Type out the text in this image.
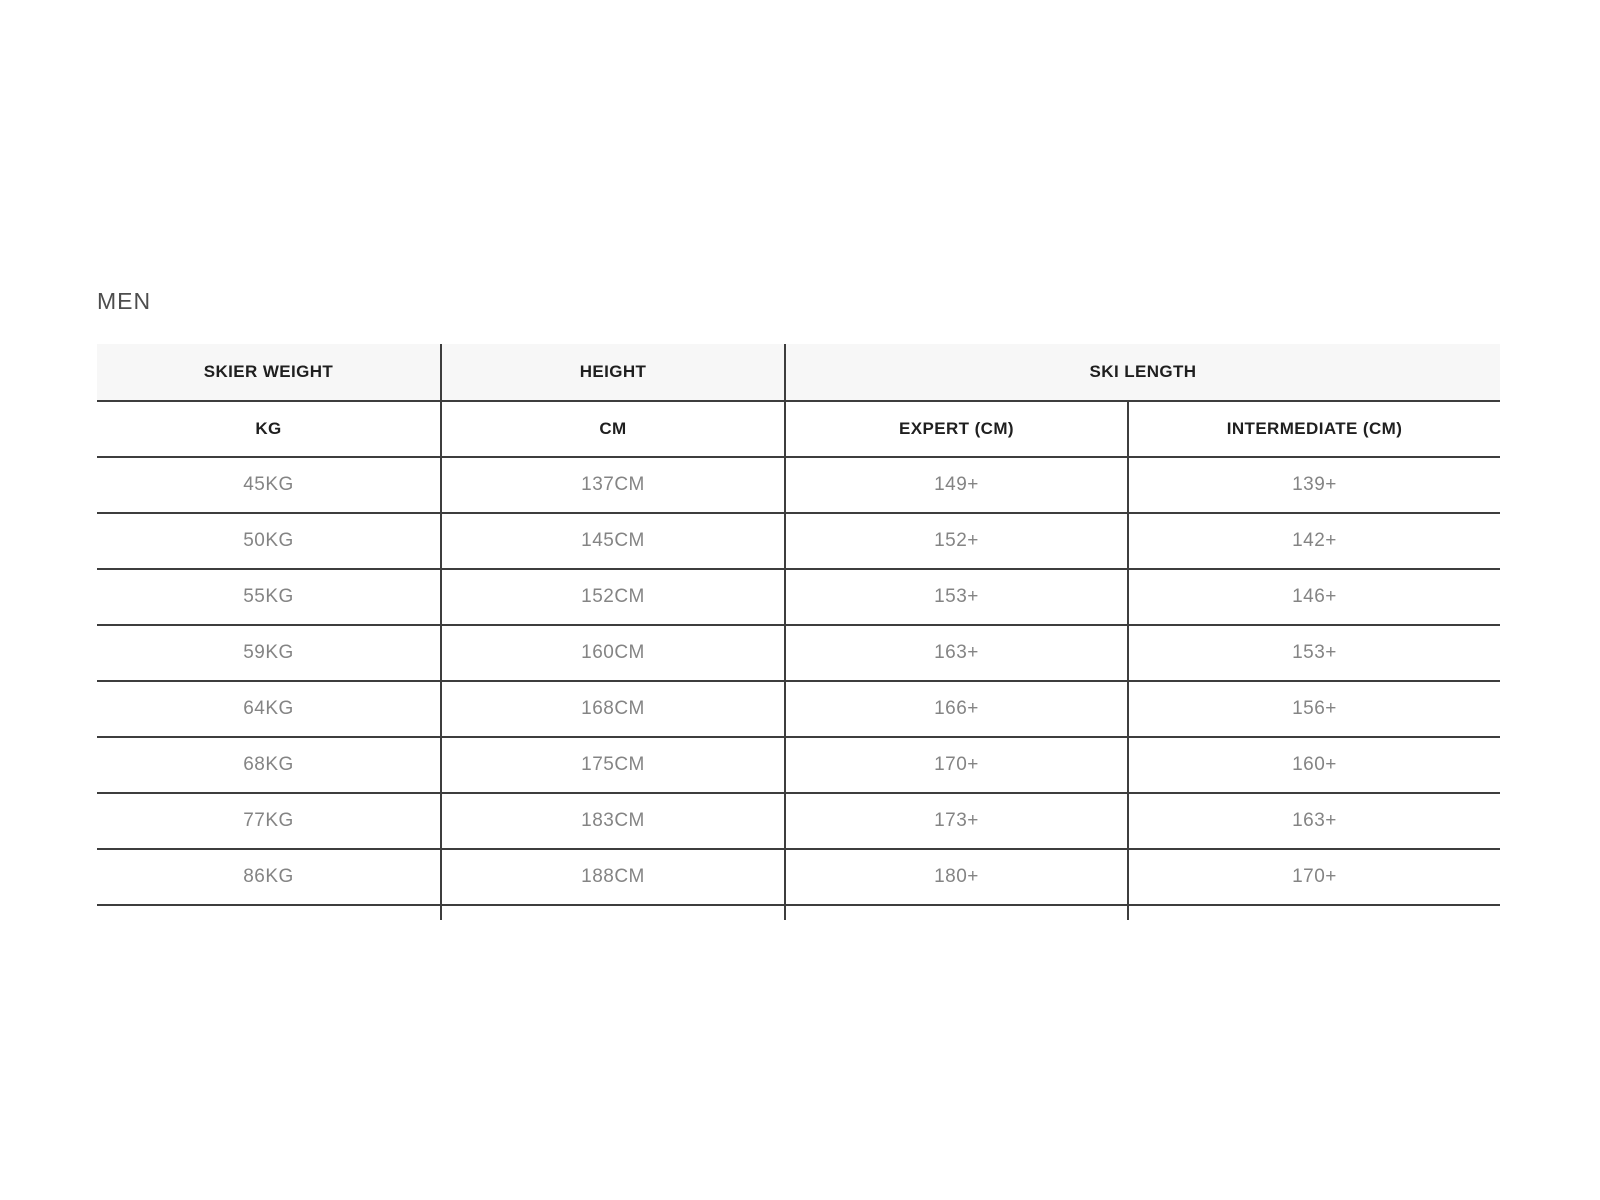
MEN
SKIER WEIGHT	HEIGHT	SKI LENGTH	
KG	CM	EXPERT (CM)	INTERMEDIATE (CM)
45KG	137CM	149+	139+
50KG	145CM	152+	142+
55KG	152CM	153+	146+
59KG	160CM	163+	153+
64KG	168CM	166+	156+
68KG	175CM	170+	160+
77KG	183CM	173+	163+
86KG	188CM	180+	170+
